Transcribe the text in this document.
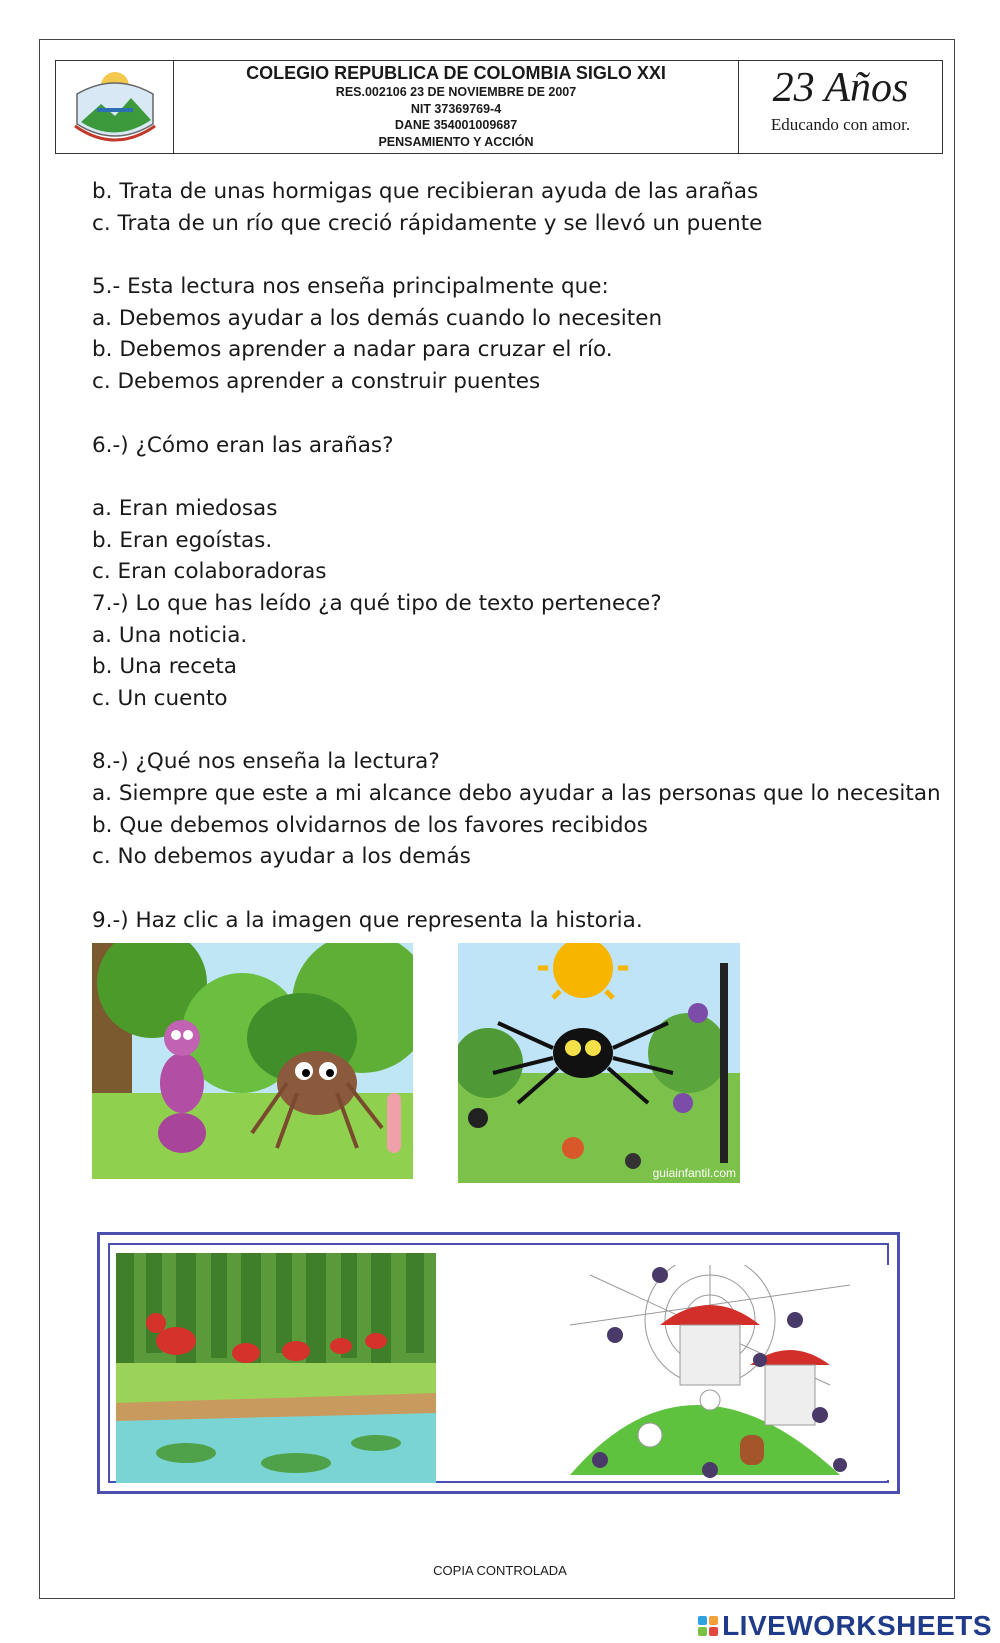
COLEGIO REPUBLICA DE COLOMBIA SIGLO XXI
RES.002106 23 DE NOVIEMBRE DE 2007
NIT 37369769-4
DANE 354001009687
PENSAMIENTO Y ACCIÓN
23 Años
Educando con amor.
b. Trata de unas hormigas que recibieran ayuda de las arañas
c. Trata de un río que creció rápidamente y se llevó un puente
5.- Esta lectura nos enseña principalmente que:
a. Debemos ayudar a los demás cuando lo necesiten
b. Debemos aprender a nadar para cruzar el río.
c. Debemos aprender a construir puentes
6.-) ¿Cómo eran las arañas?
a. Eran miedosas
b. Eran egoístas.
c. Eran colaboradoras
7.-) Lo que has leído ¿a qué tipo de texto pertenece?
a. Una noticia.
b. Una receta
c. Un cuento
8.-) ¿Qué nos enseña la lectura?
a. Siempre que este a mi alcance debo ayudar a las personas que lo necesitan
b. Que debemos olvidarnos de los favores recibidos
c. No debemos ayudar a los demás
9.-) Haz clic a la imagen que representa la historia.
guiainfantil.com
COPIA CONTROLADA
LIVEWORKSHEETS
